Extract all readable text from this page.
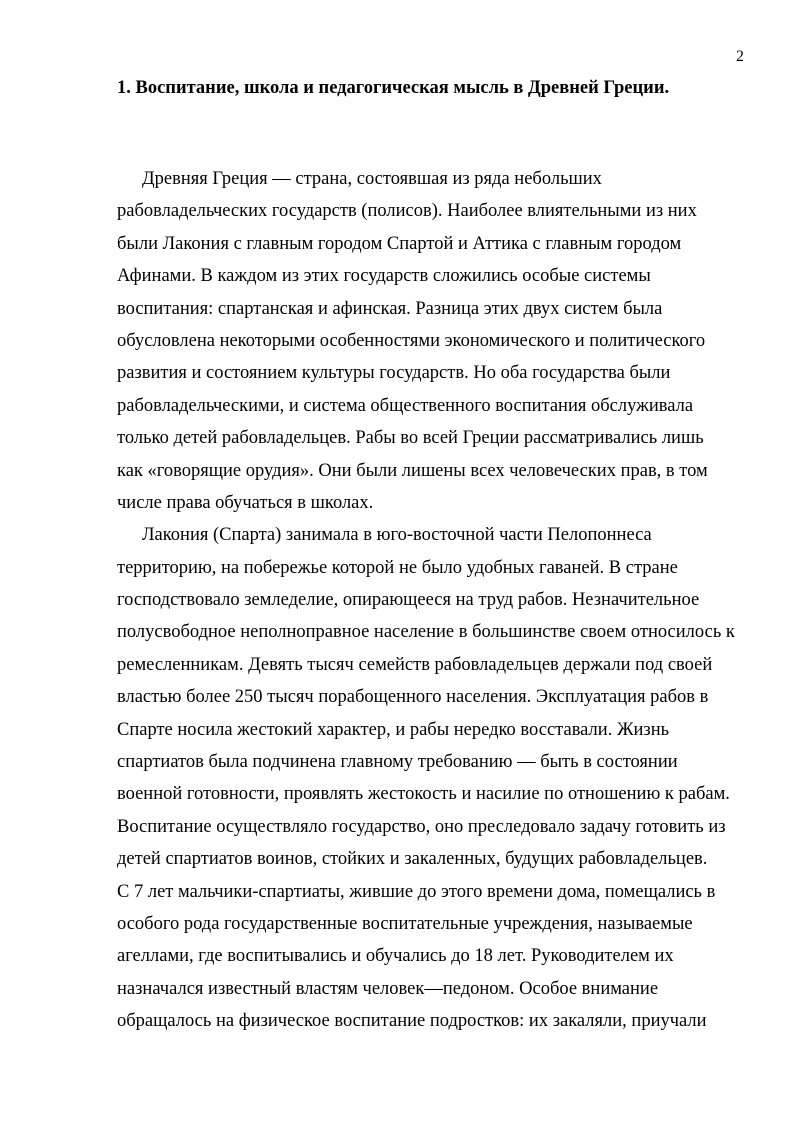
2
1. Воспитание, школа и педагогическая мысль в Древней Греции.
Древняя Греция — страна, состоявшая из ряда небольших
рабовладельческих государств (полисов). Наиболее влиятельными из них
были Лакония с главным городом Спартой и Аттика с главным городом
Афинами. В каждом из этих государств сложились особые системы
воспитания: спартанская и афинская. Разница этих двух систем была
обусловлена некоторыми особенностями экономического и политического
развития и состоянием культуры государств. Но оба государства были
рабовладельческими, и система общественного воспитания обслуживала
только детей рабовладельцев. Рабы во всей Греции рассматривались лишь
как «говорящие орудия». Они были лишены всех человеческих прав, в том
числе права обучаться в школах.
Лакония (Спарта) занимала в юго-восточной части Пелопоннеса
территорию, на побережье которой не было удобных гаваней. В стране
господствовало земледелие, опирающееся на труд рабов. Незначительное
полусвободное неполноправное население в большинстве своем относилось к
ремесленникам. Девять тысяч семейств рабовладельцев держали под своей
властью более 250 тысяч порабощенного населения. Эксплуатация рабов в
Спарте носила жестокий характер, и рабы нередко восставали. Жизнь
спартиатов была подчинена главному требованию — быть в состоянии
военной готовности, проявлять жестокость и насилие по отношению к рабам.
Воспитание осуществляло государство, оно преследовало задачу готовить из
детей спартиатов воинов, стойких и закаленных, будущих рабовладельцев.
С 7 лет мальчики-спартиаты, жившие до этого времени дома, помещались в
особого рода государственные воспитательные учреждения, называемые
агеллами, где воспитывались и обучались до 18 лет. Руководителем их
назначался известный властям человек—педоном. Особое внимание
обращалось на физическое воспитание подростков: их закаляли, приучали
